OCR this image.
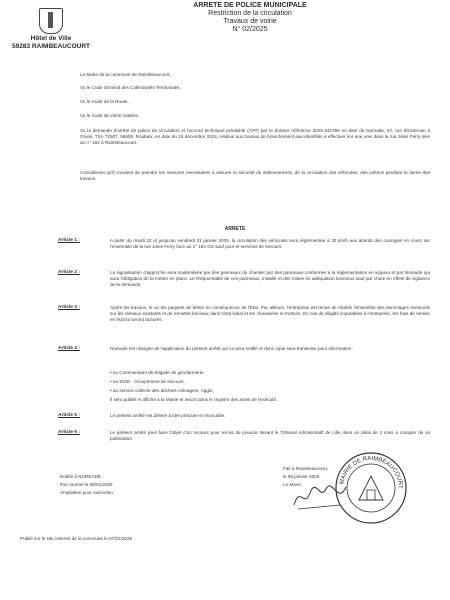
Hôtel de Ville
59283 RAIMBEAUCOURT
ARRETE DE POLICE MUNICIPALE
Restriction de la circulation
Travaux de voirie
N° 02/2025
Le Maire de la commune de Raimbeaucourt,
Vu le Code Général des Collectivités Territoriales,
Vu le Code de la Route,
Vu le Code de voirie routière,
Vu la demande d'arrêté de police de circulation et l'accord technique préalable (ATP) par le dossier référence 2025-242798 en date de Noreade, 57, rue d'Esterrain à Orves, TSA 72507, 59506, Roubaix, en date du 16 décembre 2024, relative aux travaux de branchement eau identifiés à effectuer sur une voie dans la rue Jules Ferry sise au n° 184 à Raimbeaucourt.
Considérant qu'il convient de prendre les mesures nécessaires à assurer la sécurité du stationnement, de la circulation des véhicules, des piétons pendant la durée des travaux,
ARRETE
Article 1 :	A partir du mardi 22 et jusqu'au vendredi 31 janvier 2025, la circulation des véhicules sera réglementée à 30 km/h aux abords des ouvrages en cours sur l'ensemble de la rue Jules Ferry face au n° 184 GS sauf pour et services de secours.
Article 2 :	La signalisation d'approche sera matérialisée par des panneaux du chantier par des panneaux conformes à la réglementation en vigueur et par Noreade qui aura l'obligation de la mettre en place. Le Responsable de ces panneaux, installé et des mises en adéquation lumineux sauf par chute en effets de vigilance de la demande.
Article 3 :	Après les travaux, le ou les paquets de béton en conséquence de l'État. Par ailleurs, l'entreprise est tenue de rétablir l'ensemble des dommages éventuels sur les réseaux existants et de remettre les lieux dans l'état initial et les chaussées et trottoirs. En cas de dégâts imputables à l'entreprise, les frais de remise en état lui seront facturés.
Article 4 :	Noreade est chargée de l'application du présent arrêté qui lui sera notifié et dont copie sera transmise pour information :
• au Commandant de brigade de gendarmerie,
• au SDIS - Groupement de secours,
• au service collecte des déchets ménagers, Agglo,
Il sera publié et affiché à la Mairie et inscrit dans le registre des actes de l'exécutif.
Article 5 :	Le présent arrêté est délivré à titre précaire et révocable.
Article 6 :	Le présent arrêté peut faire l'objet d'un recours pour excès de pouvoir devant le Tribunal Administratif de Lille dans un délai de 2 mois à compter de sa publication.
Notifié à NOREADE
Par courriel le 08/01/2025
Ampliation pour exécution
Publié sur le site internet de la commune le 07/01/2025
Fait à Raimbeaucourt,
le 06 janvier 2025
Le Maire,	MAIRIE DE RAIMBEAUCOURT
